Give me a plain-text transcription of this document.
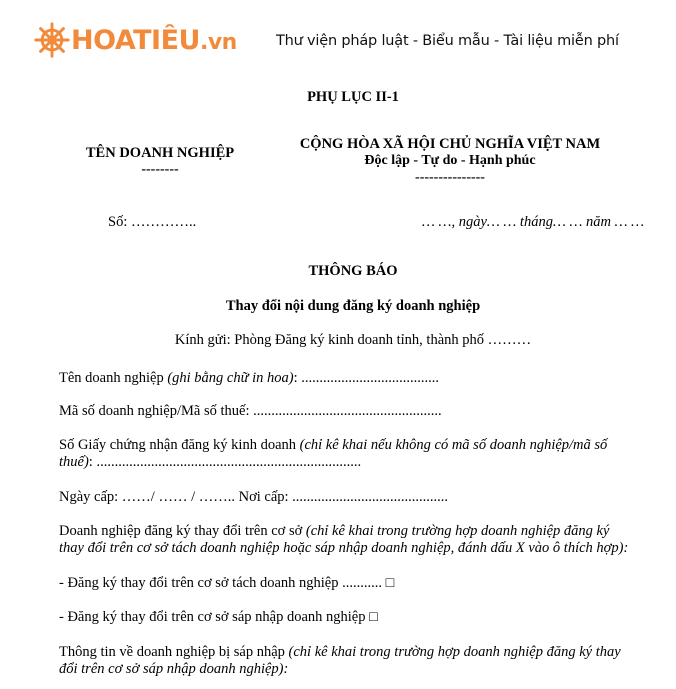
HOATIÊU.vn	Thư viện pháp luật - Biểu mẫu - Tài liệu miễn phí
PHỤ LỤC II-1
TÊN DOANH NGHIỆP
--------
CỘNG HÒA XÃ HỘI CHỦ NGHĨA VIỆT NAM
Độc lập - Tự do - Hạnh phúc
---------------
Số: …………..	… …, ngày… … tháng… … năm … …
THÔNG BÁO
Thay đổi nội dung đăng ký doanh nghiệp
Kính gửi: Phòng Đăng ký kinh doanh tỉnh, thành phố ………
Tên doanh nghiệp (ghi bằng chữ in hoa): ......................................
Mã số doanh nghiệp/Mã số thuế: ....................................................
Số Giấy chứng nhận đăng ký kinh doanh (chỉ kê khai nếu không có mã số doanh nghiệp/mã số
thuế): .........................................................................
Ngày cấp: ……/ …… / …….. Nơi cấp: ...........................................
Doanh nghiệp đăng ký thay đổi trên cơ sở (chỉ kê khai trong trường hợp doanh nghiệp đăng ký
thay đổi trên cơ sở tách doanh nghiệp hoặc sáp nhập doanh nghiệp, đánh dấu X vào ô thích hợp):
- Đăng ký thay đổi trên cơ sở tách doanh nghiệp ........... □
- Đăng ký thay đổi trên cơ sở sáp nhập doanh nghiệp □
Thông tin về doanh nghiệp bị sáp nhập (chỉ kê khai trong trường hợp doanh nghiệp đăng ký thay
đổi trên cơ sở sáp nhập doanh nghiệp):
